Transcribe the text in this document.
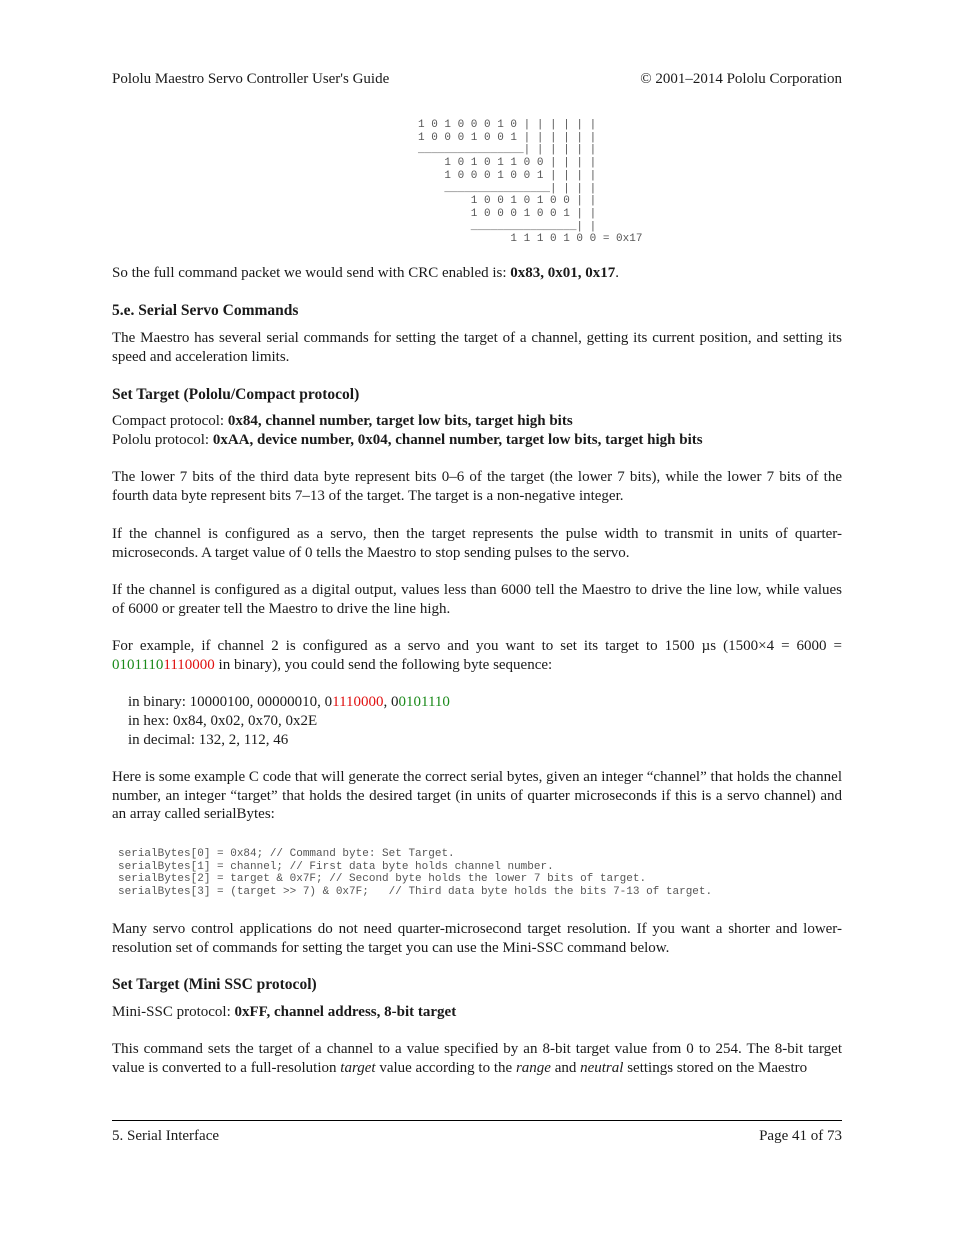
Pololu Maestro Servo Controller User's Guide	© 2001–2014 Pololu Corporation
1 0 1 0 0 0 1 0 | | | | | |
1 0 0 0 1 0 0 1 | | | | | |
________________| | | | | |
1 0 1 0 1 1 0 0 | | | |
1 0 0 0 1 0 0 1 | | | |
________________| | | |
1 0 0 1 0 1 0 0 | |
1 0 0 0 1 0 0 1 | |
________________| |
1 1 1 0 1 0 0 = 0x17
So the full command packet we would send with CRC enabled is: 0x83, 0x01, 0x17.
5.e. Serial Servo Commands
The Maestro has several serial commands for setting the target of a channel, getting its current position, and setting its speed and acceleration limits.
Set Target (Pololu/Compact protocol)
Compact protocol: 0x84, channel number, target low bits, target high bits
Pololu protocol: 0xAA, device number, 0x04, channel number, target low bits, target high bits
The lower 7 bits of the third data byte represent bits 0–6 of the target (the lower 7 bits), while the lower 7 bits of the fourth data byte represent bits 7–13 of the target. The target is a non-negative integer.
If the channel is configured as a servo, then the target represents the pulse width to transmit in units of quarter-microseconds. A target value of 0 tells the Maestro to stop sending pulses to the servo.
If the channel is configured as a digital output, values less than 6000 tell the Maestro to drive the line low, while values of 6000 or greater tell the Maestro to drive the line high.
For example, if channel 2 is configured as a servo and you want to set its target to 1500 µs (1500×4 = 6000 = 01011101110000 in binary), you could send the following byte sequence:
in binary: 10000100, 00000010, 01110000, 00101110
in hex: 0x84, 0x02, 0x70, 0x2E
in decimal: 132, 2, 112, 46
Here is some example C code that will generate the correct serial bytes, given an integer “channel” that holds the channel number, an integer “target” that holds the desired target (in units of quarter microseconds if this is a servo channel) and an array called serialBytes:
serialBytes[0] = 0x84; // Command byte: Set Target.
serialBytes[1] = channel; // First data byte holds channel number.
serialBytes[2] = target & 0x7F; // Second byte holds the lower 7 bits of target.
serialBytes[3] = (target >> 7) & 0x7F;   // Third data byte holds the bits 7-13 of target.
Many servo control applications do not need quarter-microsecond target resolution. If you want a shorter and lower-resolution set of commands for setting the target you can use the Mini-SSC command below.
Set Target (Mini SSC protocol)
Mini-SSC protocol: 0xFF, channel address, 8-bit target
This command sets the target of a channel to a value specified by an 8-bit target value from 0 to 254. The 8-bit target value is converted to a full-resolution target value according to the range and neutral settings stored on the Maestro
5. Serial Interface	Page 41 of 73
